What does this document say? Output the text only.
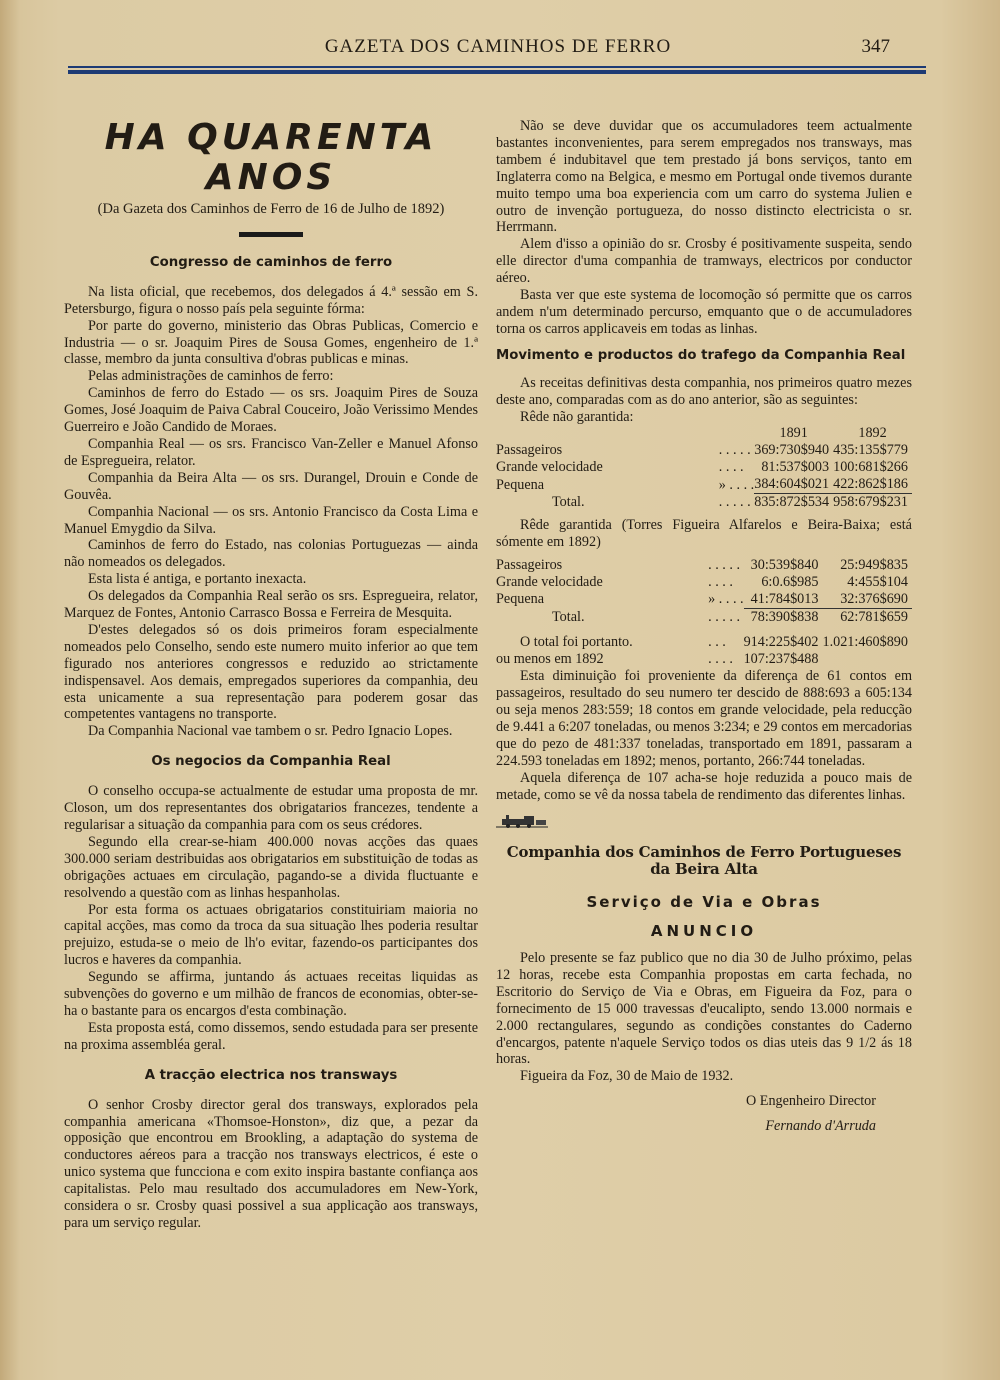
GAZETA DOS CAMINHOS DE FERRO	347
HA QUARENTA ANOS
(Da Gazeta dos Caminhos de Ferro de 16 de Julho de 1892)
Congresso de caminhos de ferro

Na lista oficial, que recebemos, dos delegados á 4.ª sessão em S. Petersburgo, figura o nosso país pela seguinte fórma:

Por parte do governo, ministerio das Obras Publicas, Comercio e Industria — o sr. Joaquim Pires de Sousa Gomes, engenheiro de 1.ª classe, membro da junta consultiva d'obras publicas e minas.

Pelas administrações de caminhos de ferro:

Caminhos de ferro do Estado — os srs. Joaquim Pires de Souza Gomes, José Joaquim de Paiva Cabral Couceiro, João Verissimo Mendes Guerreiro e João Candido de Moraes.

Companhia Real — os srs. Francisco Van-Zeller e Manuel Afonso de Espregueira, relator.

Companhia da Beira Alta — os srs. Durangel, Drouin e Conde de Gouvêa.

Companhia Nacional — os srs. Antonio Francisco da Costa Lima e Manuel Emygdio da Silva.

Caminhos de ferro do Estado, nas colonias Portuguezas — ainda não nomeados os delegados.

Esta lista é antiga, e portanto inexacta.

Os delegados da Companhia Real serão os srs. Espregueira, relator, Marquez de Fontes, Antonio Carrasco Bossa e Ferreira de Mesquita.

D'estes delegados só os dois primeiros foram especialmente nomeados pelo Conselho, sendo este numero muito inferior ao que tem figurado nos anteriores congressos e reduzido ao strictamente indispensavel. Aos demais, empregados superiores da companhia, deu esta unicamente a sua representação para poderem gosar das competentes vantagens no transporte.

Da Companhia Nacional vae tambem o sr. Pedro Ignacio Lopes.

Os negocios da Companhia Real

O conselho occupa-se actualmente de estudar uma proposta de mr. Closon, um dos representantes dos obrigatarios francezes, tendente a regularisar a situação da companhia para com os seus crédores.

Segundo ella crear-se-hiam 400.000 novas acções das quaes 300.000 seriam destribuidas aos obrigatarios em substituição de todas as obrigações actuaes em circulação, pagando-se a divida fluctuante e resolvendo a questão com as linhas hespanholas.

Por esta forma os actuaes obrigatarios constituiriam maioria no capital acções, mas como da troca da sua situação lhes poderia resultar prejuizo, estuda-se o meio de lh'o evitar, fazendo-os participantes dos lucros e haveres da companhia.

Segundo se affirma, juntando ás actuaes receitas liquidas as subvenções do governo e um milhão de francos de economias, obter-se-ha o bastante para os encargos d'esta combinação.

Esta proposta está, como dissemos, sendo estudada para ser presente na proxima assembléa geral.

A tracção electrica nos transways

O senhor Crosby director geral dos transways, explorados pela companhia americana «Thomsoe-Honston», diz que, a pezar da opposição que encontrou em Brookling, a adaptação do systema de conductores aéreos para a tracção nos transways electricos, é este o unico systema que funcciona e com exito inspira bastante confiança aos capitalistas. Pelo mau resultado dos accumuladores em New-York, considera o sr. Crosby quasi possivel a sua applicação aos transways, para um serviço regular.

Não se deve duvidar que os accumuladores teem actualmente bastantes inconvenientes, para serem empregados nos transways, mas tambem é indubitavel que tem prestado já bons serviços, tanto em Inglaterra como na Belgica, e mesmo em Portugal onde tivemos durante muito tempo uma boa experiencia com um carro do systema Julien e outro de invenção portugueza, do nosso distincto electricista o sr. Herrmann.

Alem d'isso a opinião do sr. Crosby é positivamente suspeita, sendo elle director d'uma companhia de tramways, electricos por conductor aéreo.

Basta ver que este systema de locomoção só permitte que os carros andem n'um determinado percurso, emquanto que o de accumuladores torna os carros applicaveis em todas as linhas.

Movimento e productos do trafego da Companhia Real

As receitas definitivas desta companhia, nos primeiros quatro mezes deste ano, comparadas com as do ano anterior, são as seguintes:

Rêde não garantida:

		1891	1892
Passageiros	. . . . .	369:730$940	435:135$779
Grande velocidade	. . . .	81:537$003	100:681$266
Pequena	» . . . .	384:604$021	422:862$186
Total.	. . . . .	835:872$534	958:679$231

Rêde garantida (Torres Figueira Alfarelos e Beira-Baixa; está sómente em 1892)

Passageiros	. . . . .	30:539$840	25:949$835
Grande velocidade	. . . .	6:0.6$985	4:455$104
Pequena	» . . . .	41:784$013	32:376$690
Total.	. . . . .	78:390$838	62:781$659

O total foi portanto.	. . .	914:225$402	1.021:460$890
ou menos em 1892	. . . .	107:237$488	

Esta diminuição foi proveniente da diferença de 61 contos em passageiros, resultado do seu numero ter descido de 888:693 a 605:134 ou seja menos 283:559; 18 contos em grande velocidade, pela reducção de 9.441 a 6:207 toneladas, ou menos 3:234; e 29 contos em mercadorias que do pezo de 481:337 toneladas, transportado em 1891, passaram a 224.593 toneladas em 1892; menos, portanto, 266:744 toneladas.

Aquela diferença de 107 acha-se hoje reduzida a pouco mais de metade, como se vê da nossa tabela de rendimento das diferentes linhas.

Companhia dos Caminhos de Ferro Portugueses da Beira Alta
Serviço de Via e Obras
ANUNCIO

Pelo presente se faz publico que no dia 30 de Julho próximo, pelas 12 horas, recebe esta Companhia propostas em carta fechada, no Escritorio do Serviço de Via e Obras, em Figueira da Foz, para o fornecimento de 15 000 travessas d'eucalipto, sendo 13.000 normais e 2.000 rectangulares, segundo as condições constantes do Caderno d'encargos, patente n'aquele Serviço todos os dias uteis das 9 1/2 ás 18 horas.

Figueira da Foz, 30 de Maio de 1932.

O Engenheiro Director
Fernando d'Arruda
